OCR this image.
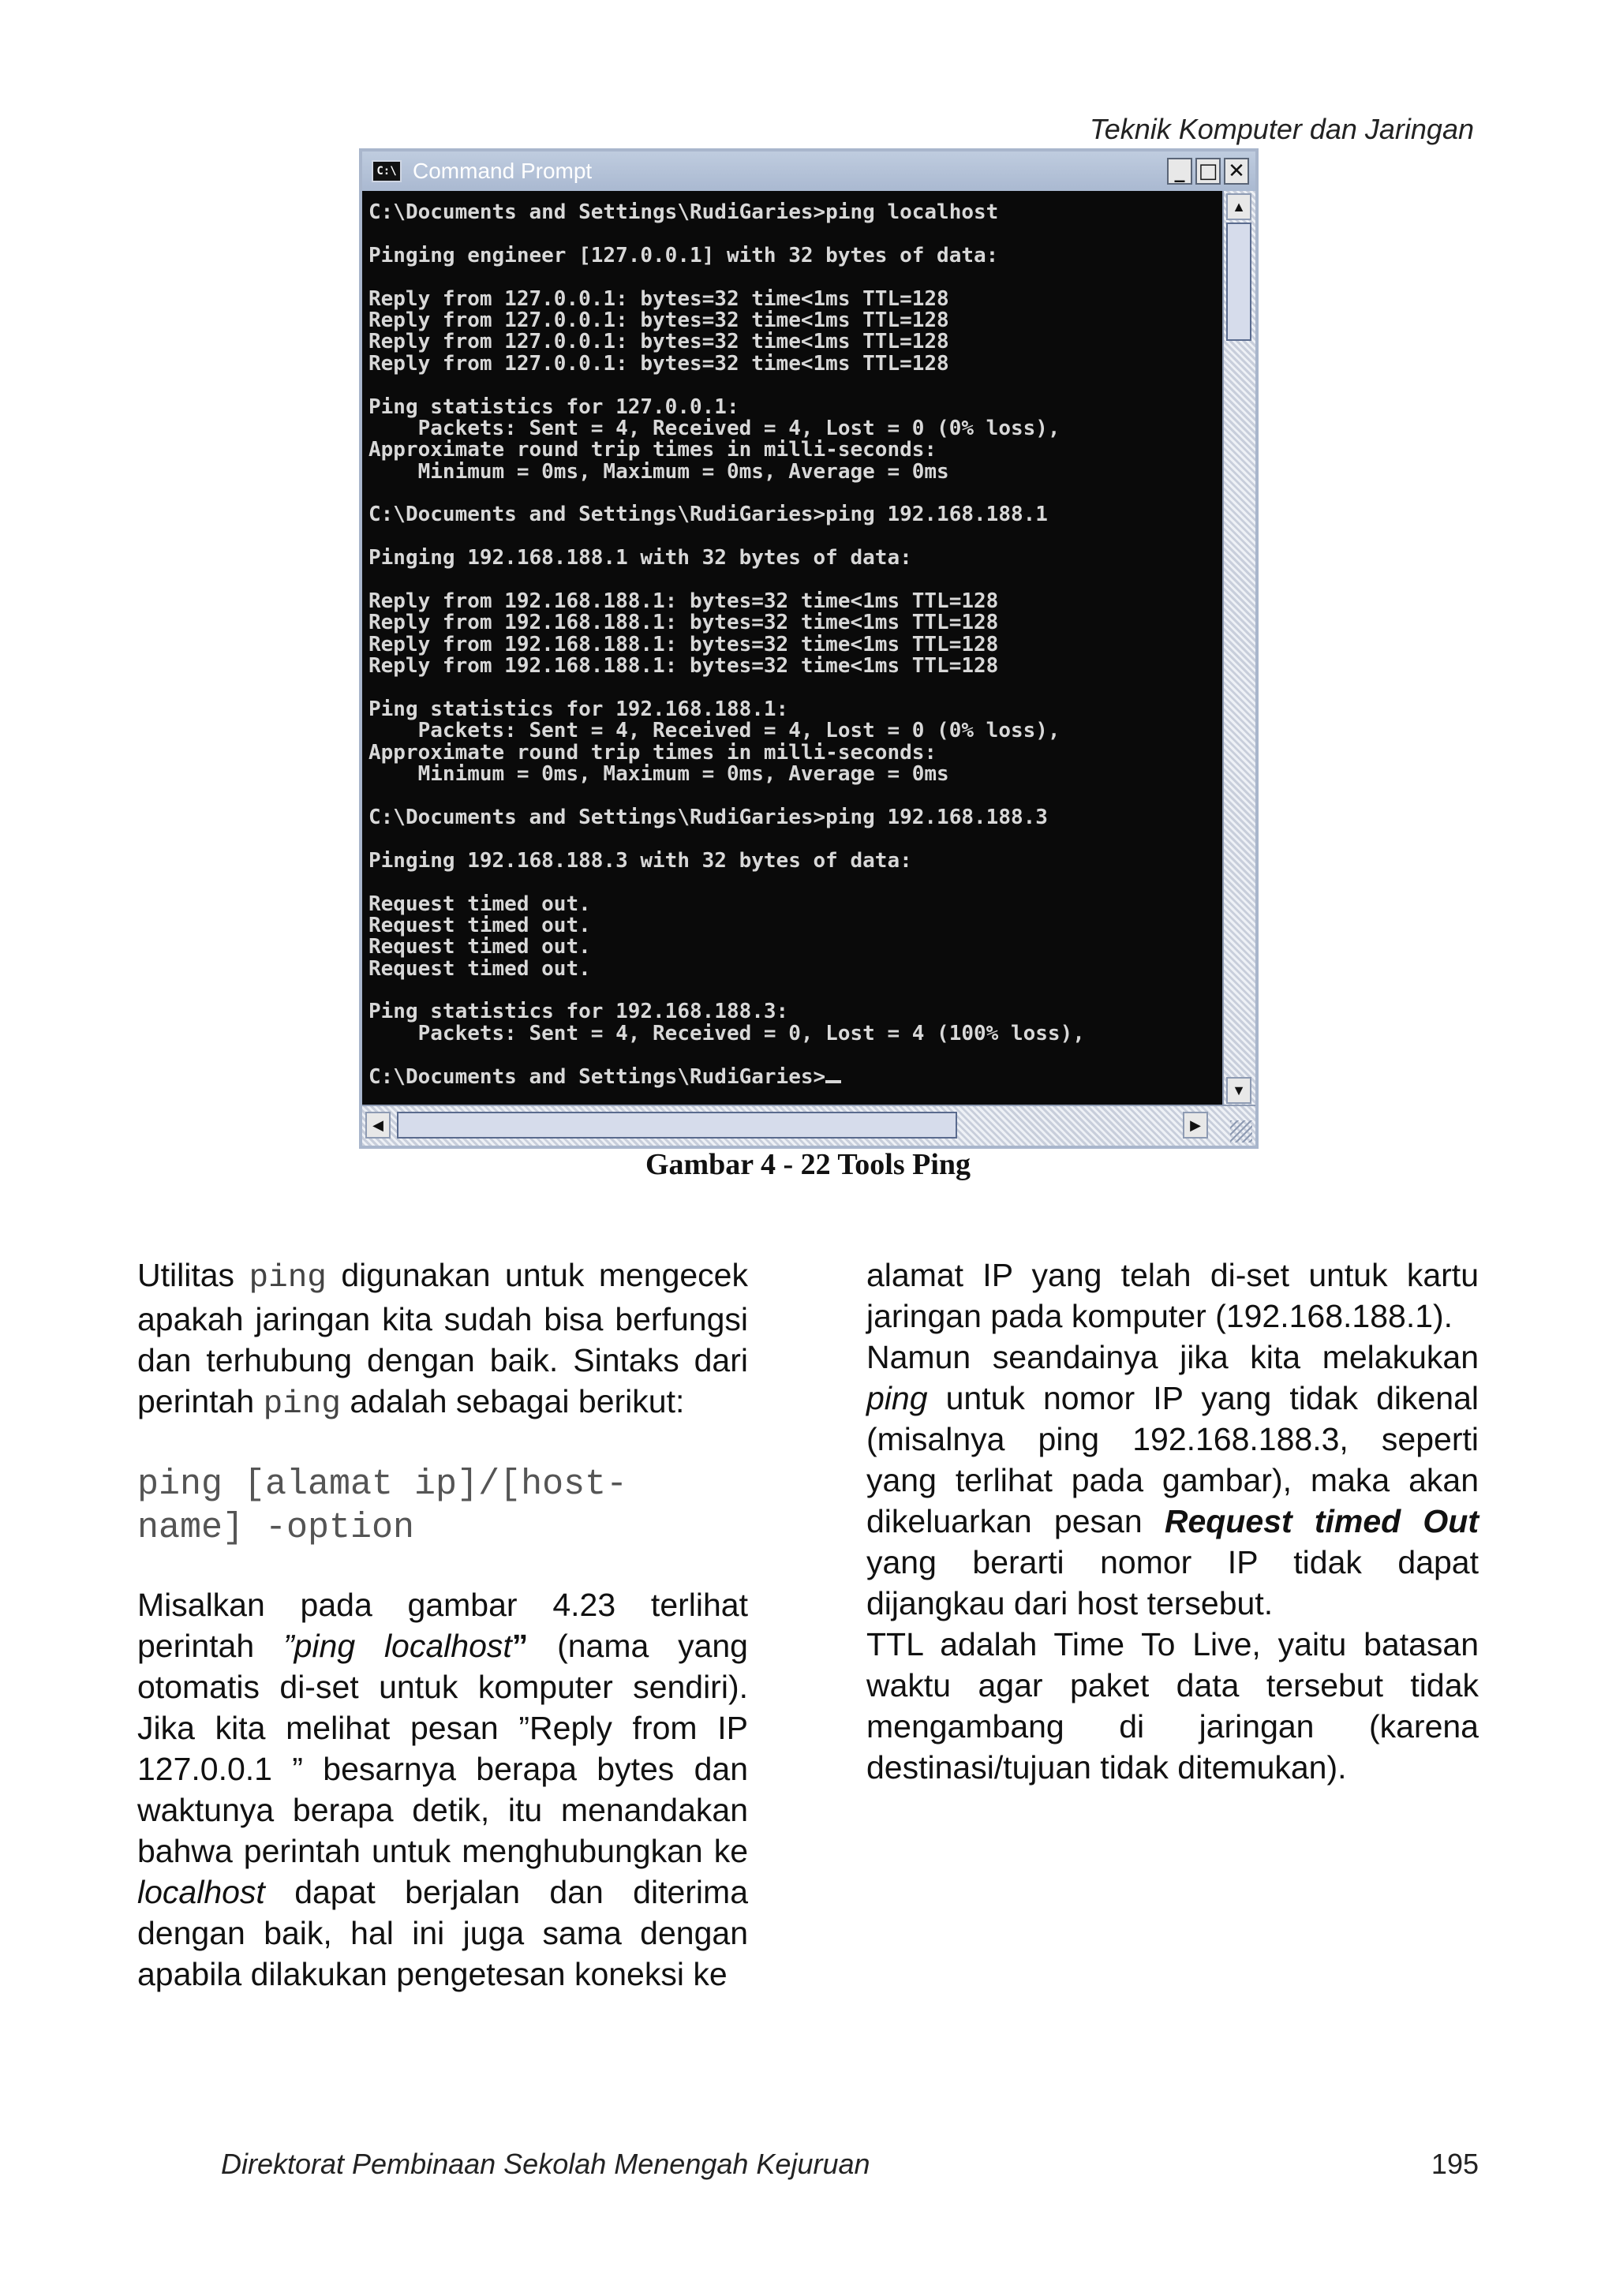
Teknik Komputer dan Jaringan
C:\ Command Prompt	_ □ ✕
C:\Documents and Settings\RudiGaries>ping localhost
Pinging engineer [127.0.0.1] with 32 bytes of data:
Reply from 127.0.0.1: bytes=32 time<1ms TTL=128
Reply from 127.0.0.1: bytes=32 time<1ms TTL=128
Reply from 127.0.0.1: bytes=32 time<1ms TTL=128
Reply from 127.0.0.1: bytes=32 time<1ms TTL=128
Ping statistics for 127.0.0.1:
Packets: Sent = 4, Received = 4, Lost = 0 (0% loss),
Approximate round trip times in milli-seconds:
Minimum = 0ms, Maximum = 0ms, Average = 0ms
C:\Documents and Settings\RudiGaries>ping 192.168.188.1
Pinging 192.168.188.1 with 32 bytes of data:
Reply from 192.168.188.1: bytes=32 time<1ms TTL=128
Reply from 192.168.188.1: bytes=32 time<1ms TTL=128
Reply from 192.168.188.1: bytes=32 time<1ms TTL=128
Reply from 192.168.188.1: bytes=32 time<1ms TTL=128
Ping statistics for 192.168.188.1:
Packets: Sent = 4, Received = 4, Lost = 0 (0% loss),
Approximate round trip times in milli-seconds:
Minimum = 0ms, Maximum = 0ms, Average = 0ms
C:\Documents and Settings\RudiGaries>ping 192.168.188.3
Pinging 192.168.188.3 with 32 bytes of data:
Request timed out.
Request timed out.
Request timed out.
Request timed out.
Ping statistics for 192.168.188.3:
Packets: Sent = 4, Received = 0, Lost = 4 (100% loss),
C:\Documents and Settings\RudiGaries>
▲
▼
◀	▶
Gambar 4 - 22 Tools Ping

Utilitas ping digunakan untuk mengecek apakah jaringan kita sudah bisa berfungsi dan terhubung dengan baik. Sintaks dari perintah ping adalah sebagai berikut:

ping [alamat ip]/[host-
name] -option

Misalkan pada gambar 4.23 terlihat perintah ”ping localhost” (nama yang otomatis di-set untuk komputer sendiri). Jika kita melihat pesan ”Reply from IP 127.0.0.1 ” besarnya berapa bytes dan waktunya berapa detik, itu menandakan bahwa perintah untuk menghubungkan ke localhost dapat berjalan dan diterima dengan baik, hal ini juga sama dengan apabila dilakukan pengetesan koneksi ke

alamat IP yang telah di-set untuk kartu jaringan pada komputer (192.168.188.1).

Namun seandainya jika kita melakukan ping untuk nomor IP yang tidak dikenal (misalnya ping 192.168.188.3, seperti yang terlihat pada gambar), maka akan dikeluarkan pesan Request timed Out yang berarti nomor IP tidak dapat dijangkau dari host tersebut.

TTL adalah Time To Live, yaitu batasan waktu agar paket data tersebut tidak mengambang di jaringan (karena destinasi/tujuan tidak ditemukan).

Direktorat Pembinaan Sekolah Menengah Kejuruan	195
